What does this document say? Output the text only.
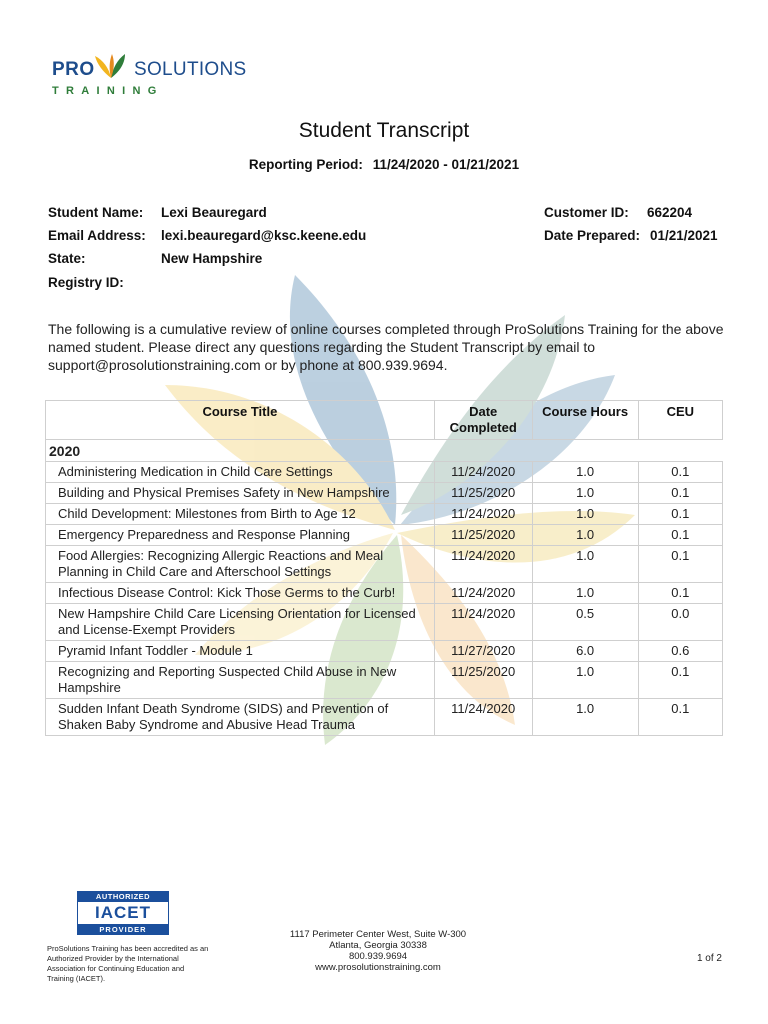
PRO SOLUTIONS
TRAINING
Student Transcript
Reporting Period: 11/24/2020 - 01/21/2021
Student Name: Lexi Beauregard
Email Address: lexi.beauregard@ksc.keene.edu
State:	New Hampshire
Registry ID:
Customer ID: 662204
Date Prepared: 01/21/2021
The following is a cumulative review of online courses completed through ProSolutions Training for the above named student. Please direct any questions regarding the Student Transcript by email to support@prosolutionstraining.com or by phone at 800.939.9694.
Course Title	Date Completed	Course Hours	CEU
2020			
Administering Medication in Child Care Settings	11/24/2020	1.0	0.1
Building and Physical Premises Safety in New Hampshire	11/25/2020	1.0	0.1
Child Development: Milestones from Birth to Age 12	11/24/2020	1.0	0.1
Emergency Preparedness and Response Planning	11/25/2020	1.0	0.1
Food Allergies: Recognizing Allergic Reactions and Meal Planning in Child Care and Afterschool Settings	11/24/2020	1.0	0.1
Infectious Disease Control: Kick Those Germs to the Curb!	11/24/2020	1.0	0.1
New Hampshire Child Care Licensing Orientation for Licensed and License-Exempt Providers	11/24/2020	0.5	0.0
Pyramid Infant Toddler - Module 1	11/27/2020	6.0	0.6
Recognizing and Reporting Suspected Child Abuse in New Hampshire	11/25/2020	1.0	0.1
Sudden Infant Death Syndrome (SIDS) and Prevention of Shaken Baby Syndrome and Abusive Head Trauma	11/24/2020	1.0	0.1
AUTHORIZED
IACET
PROVIDER
ProSolutions Training has been accredited as an Authorized Provider by the International Association for Continuing Education and Training (IACET).
1117 Perimeter Center West, Suite W-300
Atlanta, Georgia 30338
800.939.9694
www.prosolutionstraining.com
1 of 2
